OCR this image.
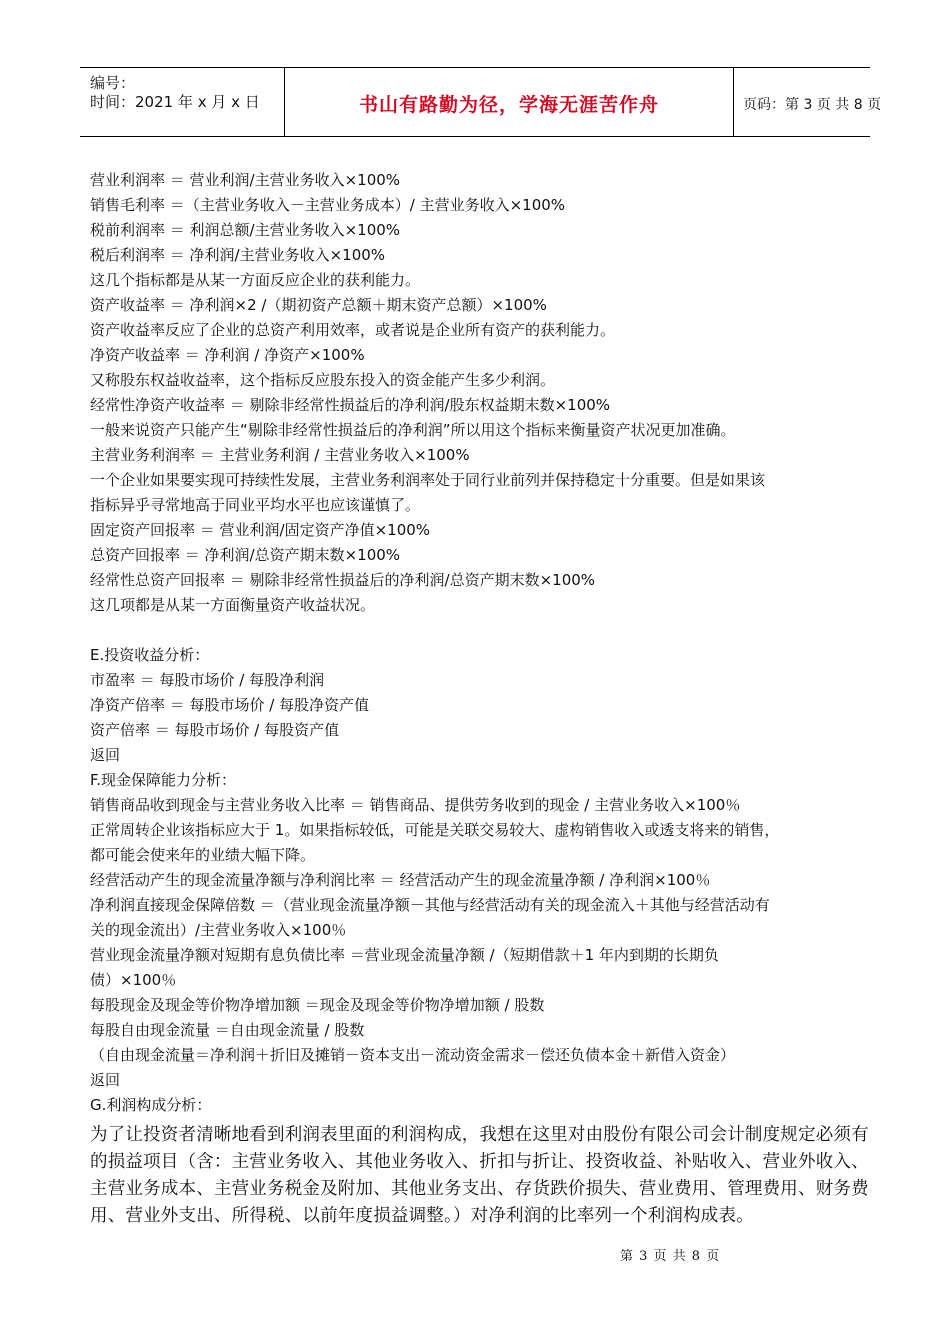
编号：
时间：2021 年 x 月 x 日	书山有路勤为径，学海无涯苦作舟	页码：第 3 页 共 8 页
营业利润率 ＝ 营业利润/主营业务收入×100%
销售毛利率 ＝（主营业务收入－主营业务成本）/ 主营业务收入×100%
税前利润率 ＝ 利润总额/主营业务收入×100%
税后利润率 ＝ 净利润/主营业务收入×100%
这几个指标都是从某一方面反应企业的获利能力。
资产收益率 ＝ 净利润×2 /（期初资产总额＋期末资产总额）×100%
资产收益率反应了企业的总资产利用效率，或者说是企业所有资产的获利能力。
净资产收益率 ＝ 净利润 / 净资产×100%
又称股东权益收益率，这个指标反应股东投入的资金能产生多少利润。
经常性净资产收益率 ＝ 剔除非经常性损益后的净利润/股东权益期末数×100%
一般来说资产只能产生“剔除非经常性损益后的净利润”所以用这个指标来衡量资产状况更加准确。
主营业务利润率 ＝ 主营业务利润 / 主营业务收入×100%
一个企业如果要实现可持续性发展，主营业务利润率处于同行业前列并保持稳定十分重要。但是如果该
指标异乎寻常地高于同业平均水平也应该谨慎了。
固定资产回报率 ＝ 营业利润/固定资产净值×100%
总资产回报率 ＝ 净利润/总资产期末数×100%
经常性总资产回报率 ＝ 剔除非经常性损益后的净利润/总资产期末数×100%
这几项都是从某一方面衡量资产收益状况。
E.投资收益分析：
市盈率 ＝ 每股市场价 / 每股净利润
净资产倍率 ＝ 每股市场价 / 每股净资产值
资产倍率 ＝ 每股市场价 / 每股资产值
返回
F.现金保障能力分析：
销售商品收到现金与主营业务收入比率 ＝ 销售商品、提供劳务收到的现金 / 主营业务收入×100％
正常周转企业该指标应大于 1。如果指标较低，可能是关联交易较大、虚构销售收入或透支将来的销售，
都可能会使来年的业绩大幅下降。
经营活动产生的现金流量净额与净利润比率 ＝ 经营活动产生的现金流量净额 / 净利润×100％
净利润直接现金保障倍数 ＝（营业现金流量净额－其他与经营活动有关的现金流入＋其他与经营活动有
关的现金流出）/主营业务收入×100％
营业现金流量净额对短期有息负债比率 ＝营业现金流量净额 /（短期借款＋1 年内到期的长期负
债）×100％
每股现金及现金等价物净增加额 ＝现金及现金等价物净增加额 / 股数
每股自由现金流量 ＝自由现金流量 / 股数
（自由现金流量＝净利润＋折旧及摊销－资本支出－流动资金需求－偿还负债本金＋新借入资金）
返回
G.利润构成分析：
为了让投资者清晰地看到利润表里面的利润构成，我想在这里对由股份有限公司会计制度规定必须有的损益项目（含：主营业务收入、其他业务收入、折扣与折让、投资收益、补贴收入、营业外收入、主营业务成本、主营业务税金及附加、其他业务支出、存货跌价损失、营业费用、管理费用、财务费用、营业外支出、所得税、以前年度损益调整。）对净利润的比率列一个利润构成表。
第 3 页 共 8 页
